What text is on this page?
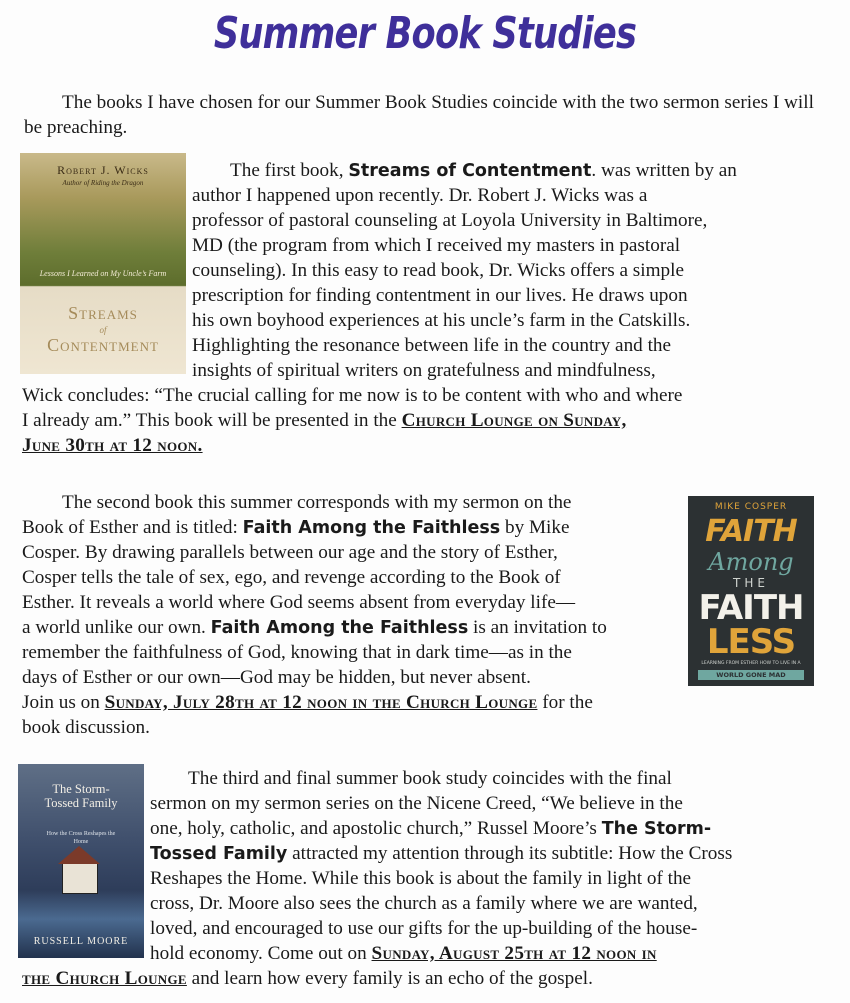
Summer Book Studies

The books I have chosen for our Summer Book Studies coincide with the two sermon series I will be preaching.

Robert J. Wicks
Author of Riding the Dragon
Lessons I Learned on My Uncle’s Farm
Streams
of
Contentment

The first book, Streams of Contentment. was written by an

author I happened upon recently. Dr. Robert J. Wicks was a

professor of pastoral counseling at Loyola University in Baltimore,

MD (the program from which I received my masters in pastoral

counseling). In this easy to read book, Dr. Wicks offers a simple

prescription for finding contentment in our lives. He draws upon

his own boyhood experiences at his uncle’s farm in the Catskills.

Highlighting the resonance between life in the country and the

insights of spiritual writers on gratefulness and mindfulness,

Wick concludes: “The crucial calling for me now is to be content with who and where

I already am.” This book will be presented in the Church Lounge on Sunday,

June 30th at 12 noon.

MIKE COSPER
FAITH
Among
THE
FAITH
LESS
LEARNING FROM ESTHER HOW TO LIVE IN A
WORLD GONE MAD

The second book this summer corresponds with my sermon on the

Book of Esther and is titled: Faith Among the Faithless by Mike

Cosper. By drawing parallels between our age and the story of Esther,

Cosper tells the tale of sex, ego, and revenge according to the Book of

Esther. It reveals a world where God seems absent from everyday life—

a world unlike our own. Faith Among the Faithless is an invitation to

remember the faithfulness of God, knowing that in dark time—as in the

days of Esther or our own—God may be hidden, but never absent.

Join us on Sunday, July 28th at 12 noon in the Church Lounge for the

book discussion.

The Storm-Tossed Family
How the Cross Reshapes the Home
RUSSELL MOORE

The third and final summer book study coincides with the final

sermon on my sermon series on the Nicene Creed, “We believe in the

one, holy, catholic, and apostolic church,” Russel Moore’s The Storm-

Tossed Family attracted my attention through its subtitle: How the Cross

Reshapes the Home. While this book is about the family in light of the

cross, Dr. Moore also sees the church as a family where we are wanted,

loved, and encouraged to use our gifts for the up-building of the house-

hold economy. Come out on Sunday, August 25th at 12 noon in

the Church Lounge and learn how every family is an echo of the gospel.
